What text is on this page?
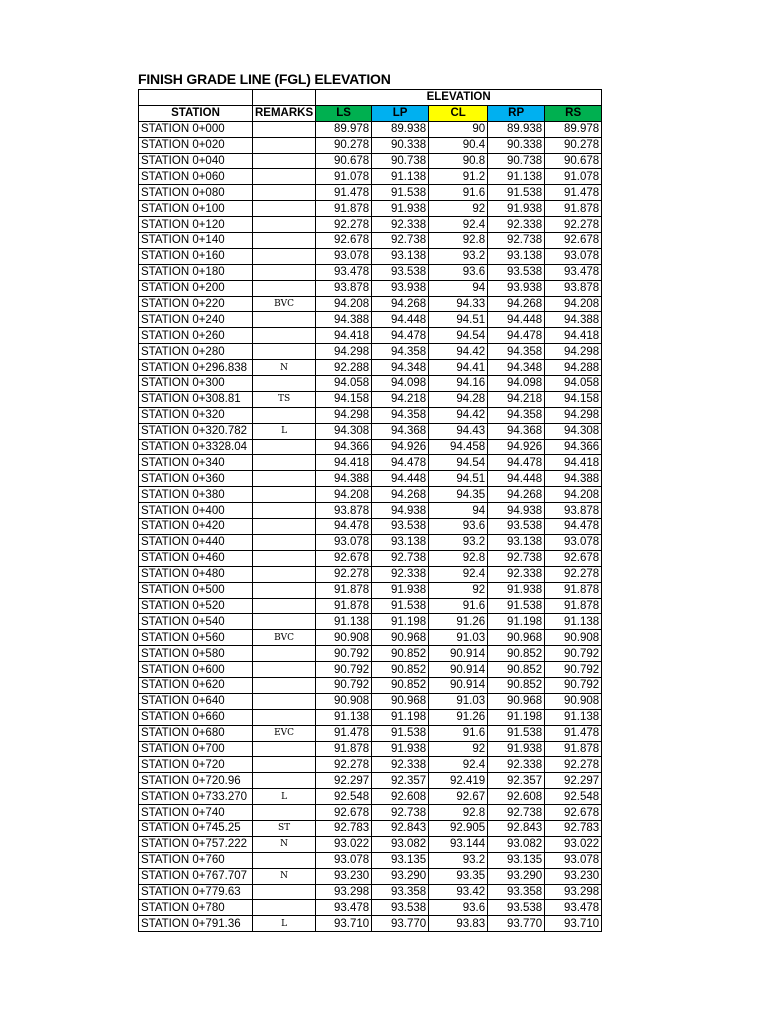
FINISH GRADE LINE (FGL) ELEVATION
		ELEVATION				
STATION	REMARKS	LS	LP	CL	RP	RS
STATION 0+000		89.978	89.938	90	89.938	89.978
STATION 0+020		90.278	90.338	90.4	90.338	90.278
STATION 0+040		90.678	90.738	90.8	90.738	90.678
STATION 0+060		91.078	91.138	91.2	91.138	91.078
STATION 0+080		91.478	91.538	91.6	91.538	91.478
STATION 0+100		91.878	91.938	92	91.938	91.878
STATION 0+120		92.278	92.338	92.4	92.338	92.278
STATION 0+140		92.678	92.738	92.8	92.738	92.678
STATION 0+160		93.078	93.138	93.2	93.138	93.078
STATION 0+180		93.478	93.538	93.6	93.538	93.478
STATION 0+200		93.878	93.938	94	93.938	93.878
STATION 0+220	BVC	94.208	94.268	94.33	94.268	94.208
STATION 0+240		94.388	94.448	94.51	94.448	94.388
STATION 0+260		94.418	94.478	94.54	94.478	94.418
STATION 0+280		94.298	94.358	94.42	94.358	94.298
STATION 0+296.838	N	92.288	94.348	94.41	94.348	94.288
STATION 0+300		94.058	94.098	94.16	94.098	94.058
STATION 0+308.81	TS	94.158	94.218	94.28	94.218	94.158
STATION 0+320		94.298	94.358	94.42	94.358	94.298
STATION 0+320.782	L	94.308	94.368	94.43	94.368	94.308
STATION 0+3328.04		94.366	94.926	94.458	94.926	94.366
STATION 0+340		94.418	94.478	94.54	94.478	94.418
STATION 0+360		94.388	94.448	94.51	94.448	94.388
STATION 0+380		94.208	94.268	94.35	94.268	94.208
STATION 0+400		93.878	94.938	94	94.938	93.878
STATION 0+420		94.478	93.538	93.6	93.538	94.478
STATION 0+440		93.078	93.138	93.2	93.138	93.078
STATION 0+460		92.678	92.738	92.8	92.738	92.678
STATION 0+480		92.278	92.338	92.4	92.338	92.278
STATION 0+500		91.878	91.938	92	91.938	91.878
STATION 0+520		91.878	91.538	91.6	91.538	91.878
STATION 0+540		91.138	91.198	91.26	91.198	91.138
STATION 0+560	BVC	90.908	90.968	91.03	90.968	90.908
STATION 0+580		90.792	90.852	90.914	90.852	90.792
STATION 0+600		90.792	90.852	90.914	90.852	90.792
STATION 0+620		90.792	90.852	90.914	90.852	90.792
STATION 0+640		90.908	90.968	91.03	90.968	90.908
STATION 0+660		91.138	91.198	91.26	91.198	91.138
STATION 0+680	EVC	91.478	91.538	91.6	91.538	91.478
STATION 0+700		91.878	91.938	92	91.938	91.878
STATION 0+720		92.278	92.338	92.4	92.338	92.278
STATION 0+720.96		92.297	92.357	92.419	92.357	92.297
STATION 0+733.270	L	92.548	92.608	92.67	92.608	92.548
STATION 0+740		92.678	92.738	92.8	92.738	92.678
STATION 0+745.25	ST	92.783	92.843	92.905	92.843	92.783
STATION 0+757.222	N	93.022	93.082	93.144	93.082	93.022
STATION 0+760		93.078	93.135	93.2	93.135	93.078
STATION 0+767.707	N	93.230	93.290	93.35	93.290	93.230
STATION 0+779.63		93.298	93.358	93.42	93.358	93.298
STATION 0+780		93.478	93.538	93.6	93.538	93.478
STATION 0+791.36	L	93.710	93.770	93.83	93.770	93.710
